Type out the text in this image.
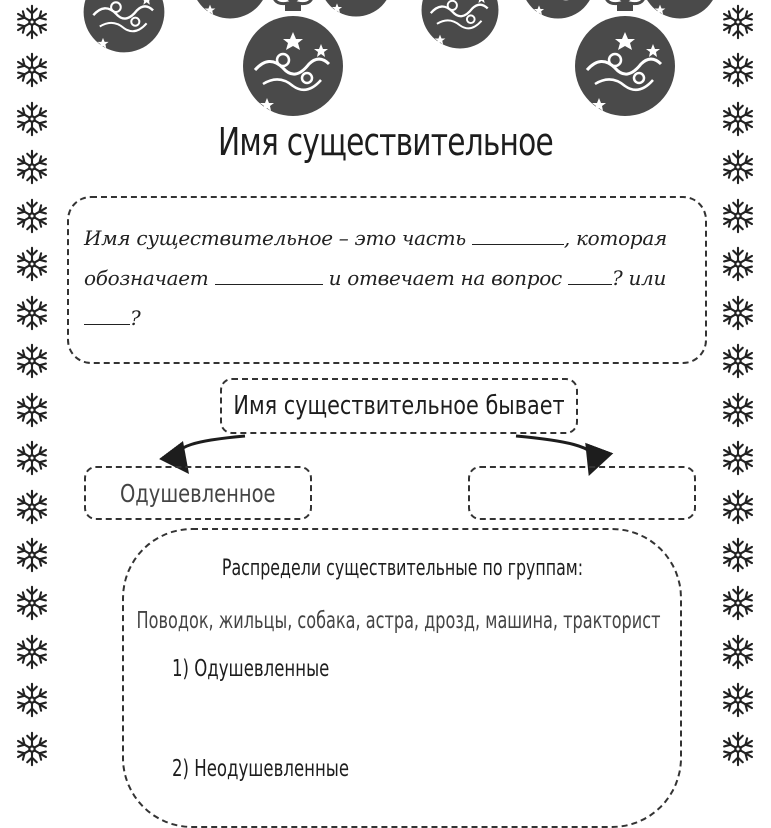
Имя существительное
Имя существительное – это часть	, которая
обозначает	и отвечает на вопрос	? или
?
Имя существительное бывает
Одушевленное
Распредели существительные по группам:
Поводок, жильцы, собака, астра, дрозд, машина, тракторист
1) Одушевленные
2) Неодушевленные
